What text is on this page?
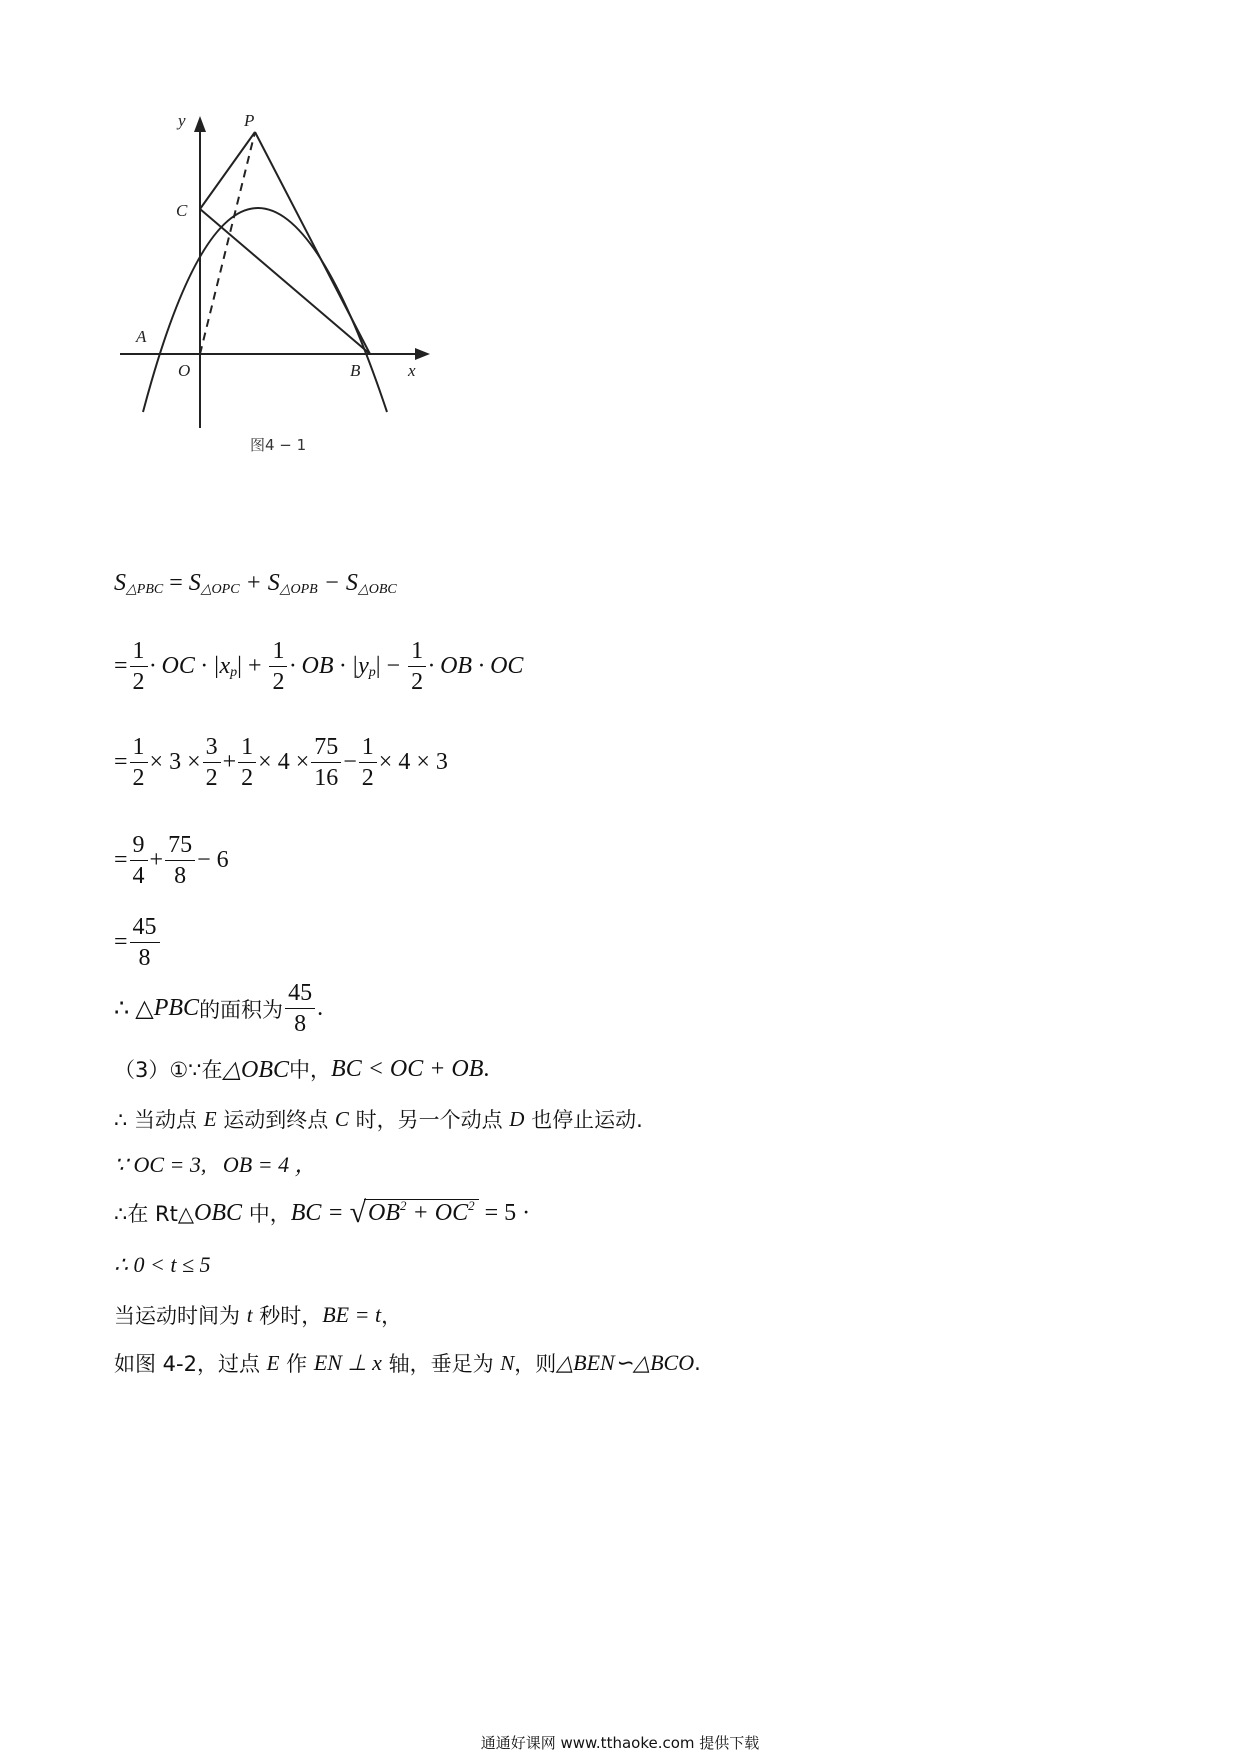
y	P
C
A
O	B	x
图4 − 1
S △PBC = S △OPC + S △OPB − S △OBC
= $\frac{1}{2}$ · OC · |x p | + $\frac{1}{2}$ · OB · |y p | − $\frac{1}{2}$ · OB · OC
= $\frac{1}{2} \times 3 \times \frac{3}{2} + \frac{1}{2} \times 4 \times \frac{75}{16} - \frac{1}{2} \times 4 \times 3$
= $\frac{9}{4} + \frac{75}{8} - 6$
= $\frac{45}{8}$
∴ △ PBC 的面积为 $\frac{45}{8}$ .
（3）①∵在 △OBC 中， BC < OC + OB .
∴ 当动点 E 运动到终点 C 时，另一个动点 D 也停止运动.
∵ OC = 3,   OB = 4 ，
∴在 Rt△ OBC 中， BC = √ $OB^2 + OC^2 = 5$ ·
∴ 0 < t ≤ 5
当运动时间为 t 秒时， BE = t ，
如图 4-2，过点 E 作 EN ⊥ x 轴，垂足为 N ，则 △BEN∽△BCO .
通通好课网 www.tthaoke.com 提供下载
